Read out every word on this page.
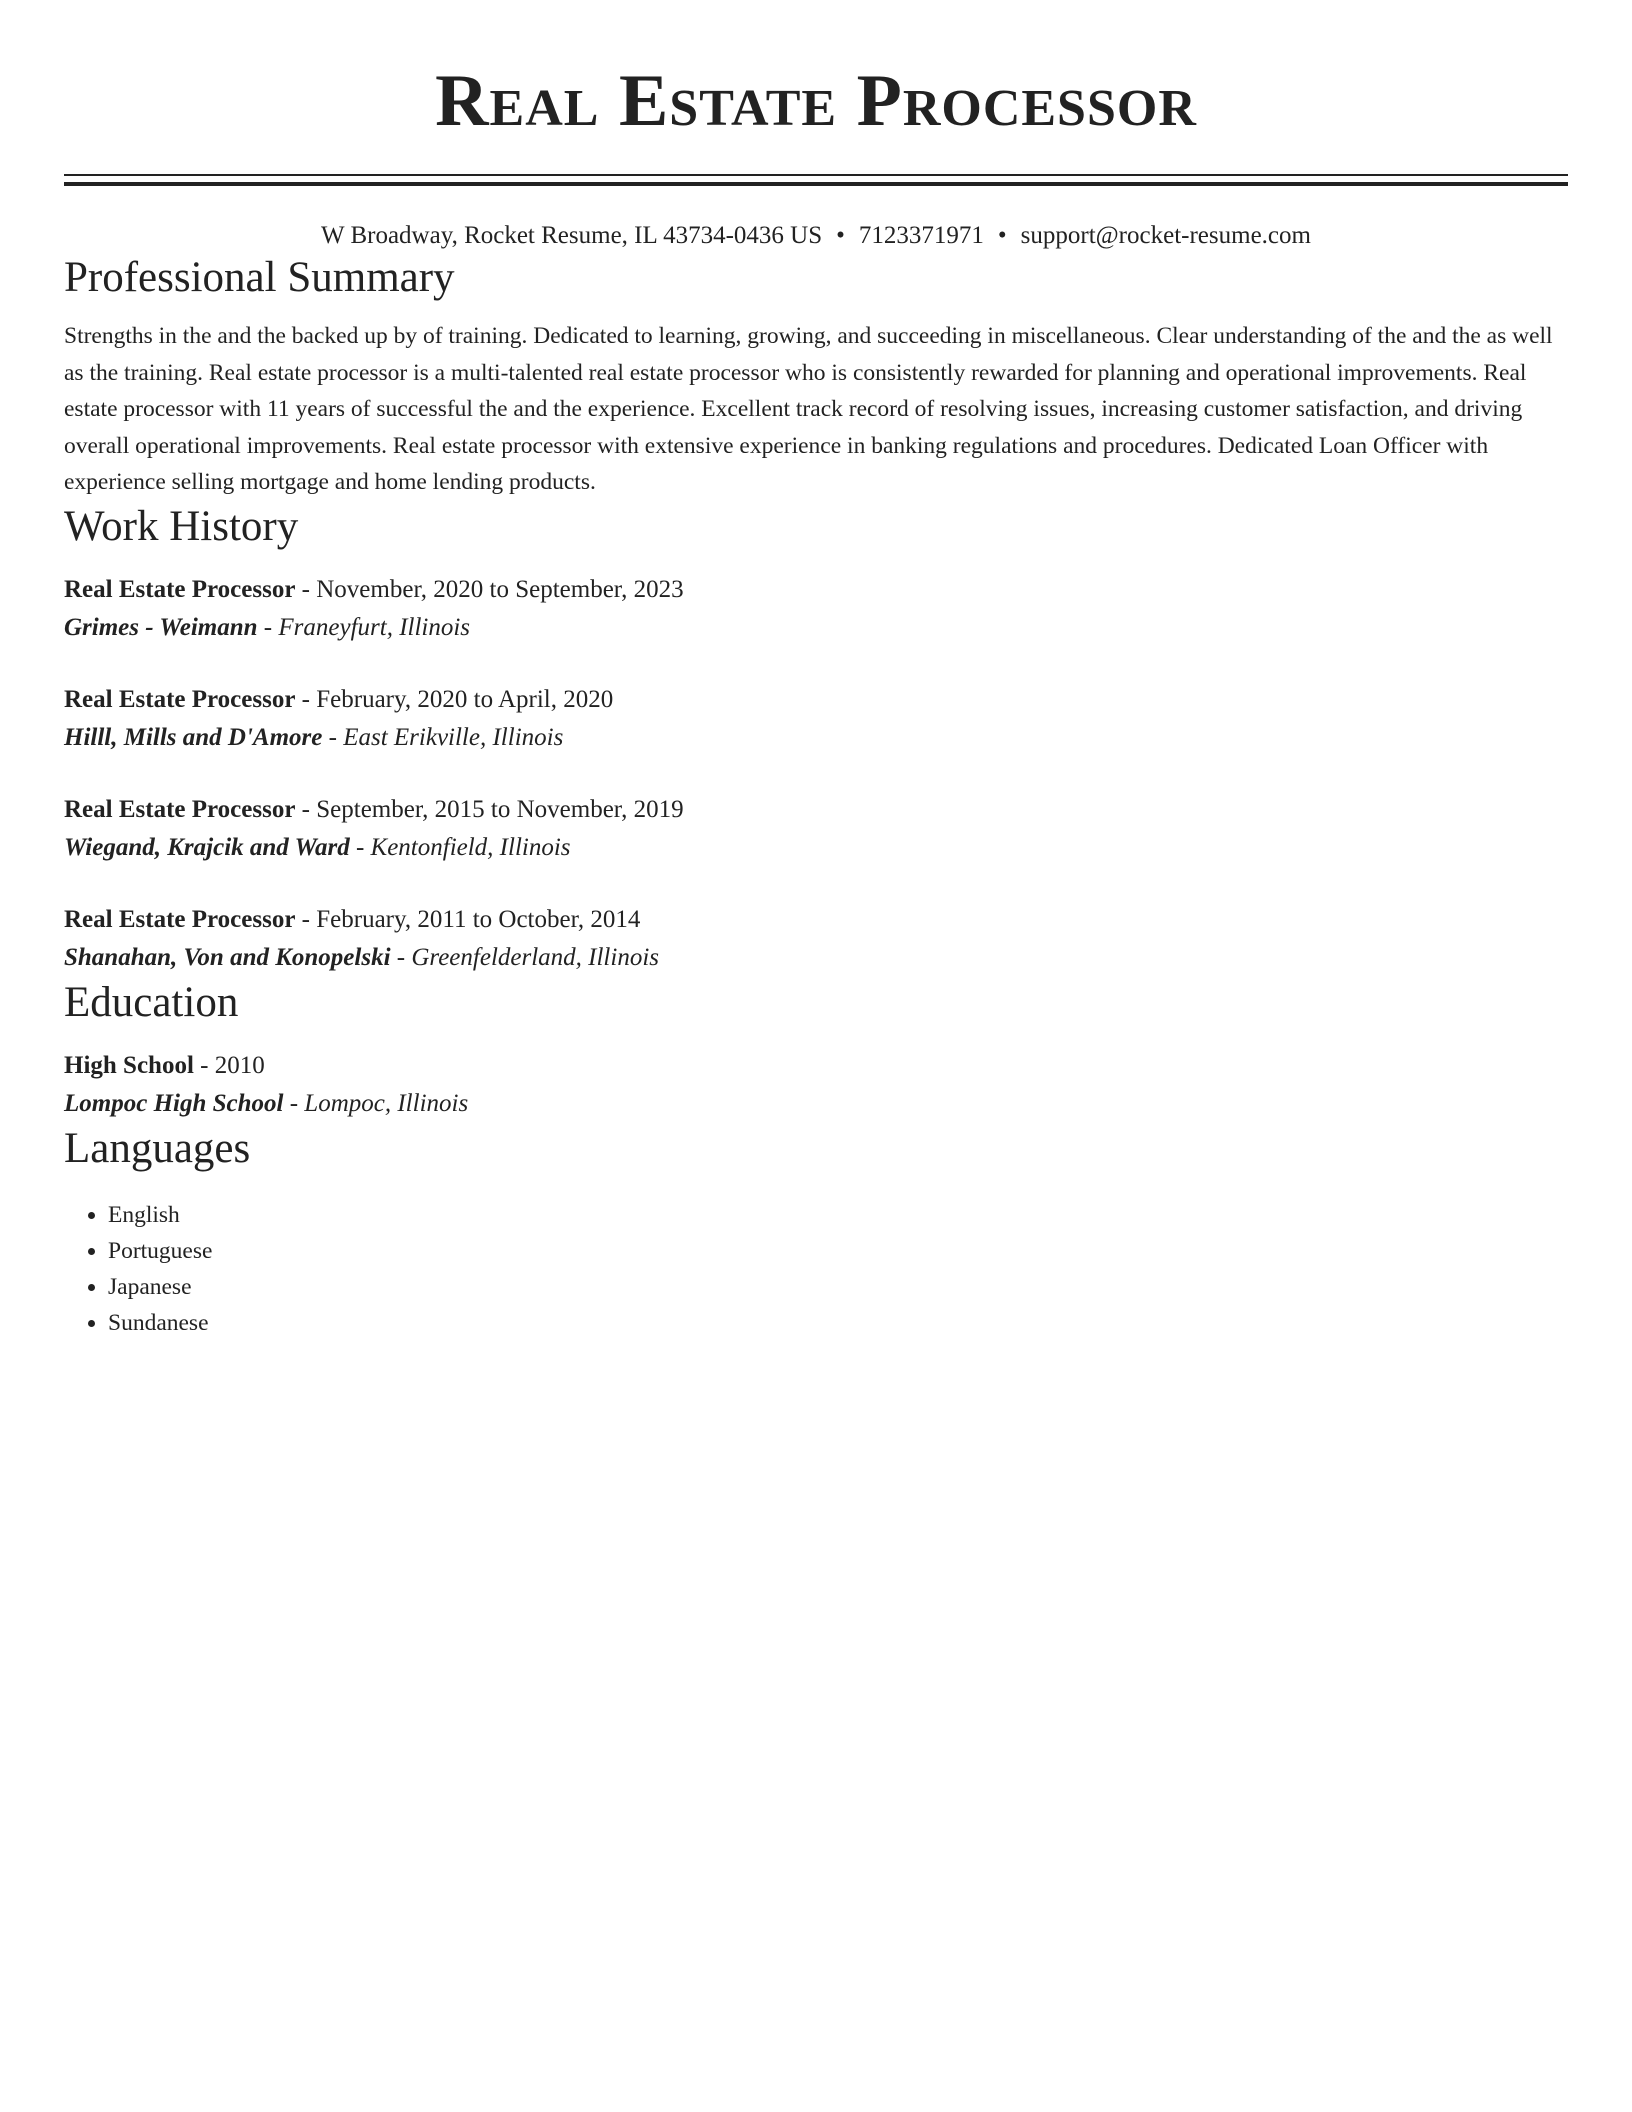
Real Estate Processor
W Broadway, Rocket Resume, IL 43734-0436 US • 7123371971 • support@rocket-resume.com
Professional Summary

Strengths in the and the backed up by of training. Dedicated to learning, growing, and succeeding in miscellaneous. Clear understanding of the and the as well as the training. Real estate processor is a multi-talented real estate processor who is consistently rewarded for planning and operational improvements. Real estate processor with 11 years of successful the and the experience. Excellent track record of resolving issues, increasing customer satisfaction, and driving overall operational improvements. Real estate processor with extensive experience in banking regulations and procedures. Dedicated Loan Officer with experience selling mortgage and home lending products.

Work History
Real Estate Processor - November, 2020 to September, 2023
Grimes - Weimann - Franeyfurt, Illinois
Real Estate Processor - February, 2020 to April, 2020
Hilll, Mills and D'Amore - East Erikville, Illinois
Real Estate Processor - September, 2015 to November, 2019
Wiegand, Krajcik and Ward - Kentonfield, Illinois
Real Estate Processor - February, 2011 to October, 2014
Shanahan, Von and Konopelski - Greenfelderland, Illinois
Education
High School - 2010
Lompoc High School - Lompoc, Illinois
Languages
• English
• Portuguese
• Japanese
• Sundanese
